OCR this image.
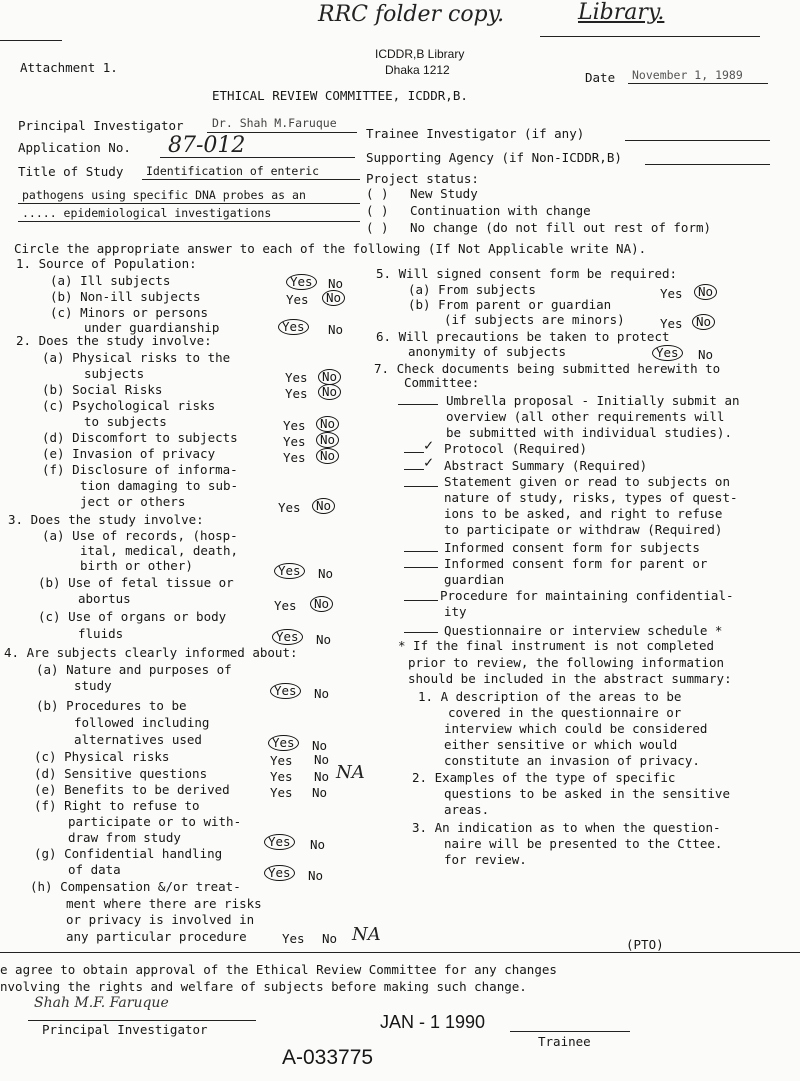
RRC folder copy.	Library.
ICDDR,B Library
Dhaka 1212
Attachment 1.
Date November 1, 1989
ETHICAL REVIEW COMMITTEE, ICDDR,B.
Principal Investigator Dr. Shah M.Faruque
Application No. 87-012
Title of Study Identification of enteric
pathogens using specific DNA probes as an
..... epidemiological investigations
Trainee Investigator (if any)
Supporting Agency (if Non-ICDDR,B)
Project status:
( ) New Study
( ) Continuation with change
( ) No change (do not fill out rest of form)
Circle the appropriate answer to each of the following (If Not Applicable write NA).
1. Source of Population:
(a) Ill subjects	Yes	No
(b) Non-ill subjects	Yes	No
(c) Minors or persons
under guardianship	Yes	No
2. Does the study involve:
(a) Physical risks to the
subjects	Yes	No
(b) Social Risks	Yes	No
(c) Psychological risks
to subjects	Yes	No
(d) Discomfort to subjects	Yes	No
(e) Invasion of privacy	Yes	No
(f) Disclosure of informa-
tion damaging to sub-
ject or others	Yes	No
3. Does the study involve:
(a) Use of records, (hosp-
ital, medical, death,
birth or other)	Yes	No
(b) Use of fetal tissue or
abortus	Yes	No
(c) Use of organs or body
fluids	Yes	No
4. Are subjects clearly informed about:
(a) Nature and purposes of
study	Yes	No
(b) Procedures to be
followed including
alternatives used	Yes	No
(c) Physical risks	Yes No
(d) Sensitive questions	Yes No NA
(e) Benefits to be derived	Yes No
(f) Right to refuse to
participate or to with-
draw from study	Yes	No
(g) Confidential handling
of data	Yes	No
(h) Compensation &/or treat-
ment where there are risks
or privacy is involved in
any particular procedure	Yes No NA
5. Will signed consent form be required:
(a) From subjects	Yes	No
(b) From parent or guardian
(if subjects are minors)	Yes	No
6. Will precautions be taken to protect
anonymity of subjects	Yes	No
7. Check documents being submitted herewith to
Committee:
Umbrella proposal - Initially submit an
overview (all other requirements will
be submitted with individual studies).
✓ Protocol (Required)
✓ Abstract Summary (Required)
Statement given or read to subjects on
nature of study, risks, types of quest-
ions to be asked, and right to refuse
to participate or withdraw (Required)
Informed consent form for subjects
Informed consent form for parent or
guardian
Procedure for maintaining confidential-
ity
Questionnaire or interview schedule *
* If the final instrument is not completed
prior to review, the following information
should be included in the abstract summary:
1. A description of the areas to be
covered in the questionnaire or
interview which could be considered
either sensitive or which would
constitute an invasion of privacy.
2. Examples of the type of specific
questions to be asked in the sensitive
areas.
3. An indication as to when the question-
naire will be presented to the Cttee.
for review.
(PTO)
e agree to obtain approval of the Ethical Review Committee for any changes
nvolving the rights and welfare of subjects before making such change.
Shah M.F. Faruque
Principal Investigator	JAN - 1 1990
Trainee
A-033775
